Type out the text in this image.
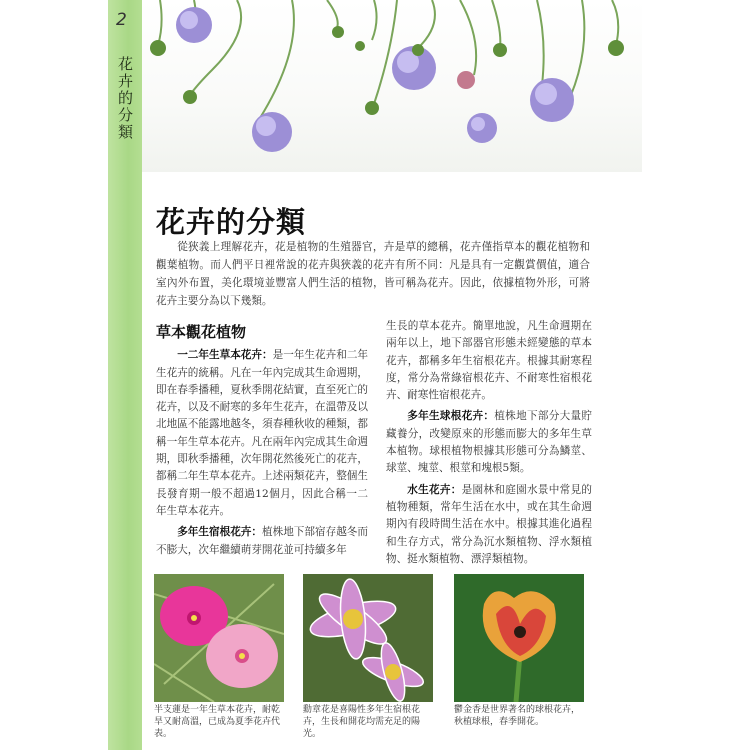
2
花卉的分類
花卉的分類

從狹義上理解花卉，花是植物的生殖器官，卉是草的總稱，花卉僅指草本的觀花植物和觀葉植物。而人們平日裡常說的花卉與狹義的花卉有所不同：凡是具有一定觀賞價值，適合室內外布置，美化環境並豐富人們生活的植物，皆可稱為花卉。因此，依據植物外形，可將花卉主要分為以下幾類。

草本觀花植物

一二年生草本花卉：是一年生花卉和二年生花卉的統稱。凡在一年內完成其生命週期，即在春季播種，夏秋季開花結實，直至死亡的花卉，以及不耐寒的多年生花卉，在溫帶及以北地區不能露地越冬，須春種秋收的種類，都稱一年生草本花卉。凡在兩年內完成其生命週期，即秋季播種，次年開花然後死亡的花卉，都稱二年生草本花卉。上述兩類花卉，整個生長發育期一般不超過12個月，因此合稱一二年生草本花卉。

多年生宿根花卉：植株地下部宿存越冬而不膨大，次年繼續萌芽開花並可持續多年

生長的草本花卉。簡單地說，凡生命週期在兩年以上，地下部器官形態未經變態的草本花卉，都稱多年生宿根花卉。根據其耐寒程度，常分為常綠宿根花卉、不耐寒性宿根花卉、耐寒性宿根花卉。

多年生球根花卉：植株地下部分大量貯藏養分，改變原來的形態而膨大的多年生草本植物。球根植物根據其形態可分為鱗莖、球莖、塊莖、根莖和塊根5類。

水生花卉：是園林和庭園水景中常見的植物種類，常年生活在水中，或在其生命週期內有段時間生活在水中。根據其進化過程和生存方式，常分為沉水類植物、浮水類植物、挺水類植物、漂浮類植物。

半支蓮是一年生草本花卉，耐乾旱又耐高溫，已成為夏季花卉代表。
勳章花是喜陽性多年生宿根花卉，生長和開花均需充足的陽光。
鬱金香是世界著名的球根花卉，秋植球根，春季開花。
